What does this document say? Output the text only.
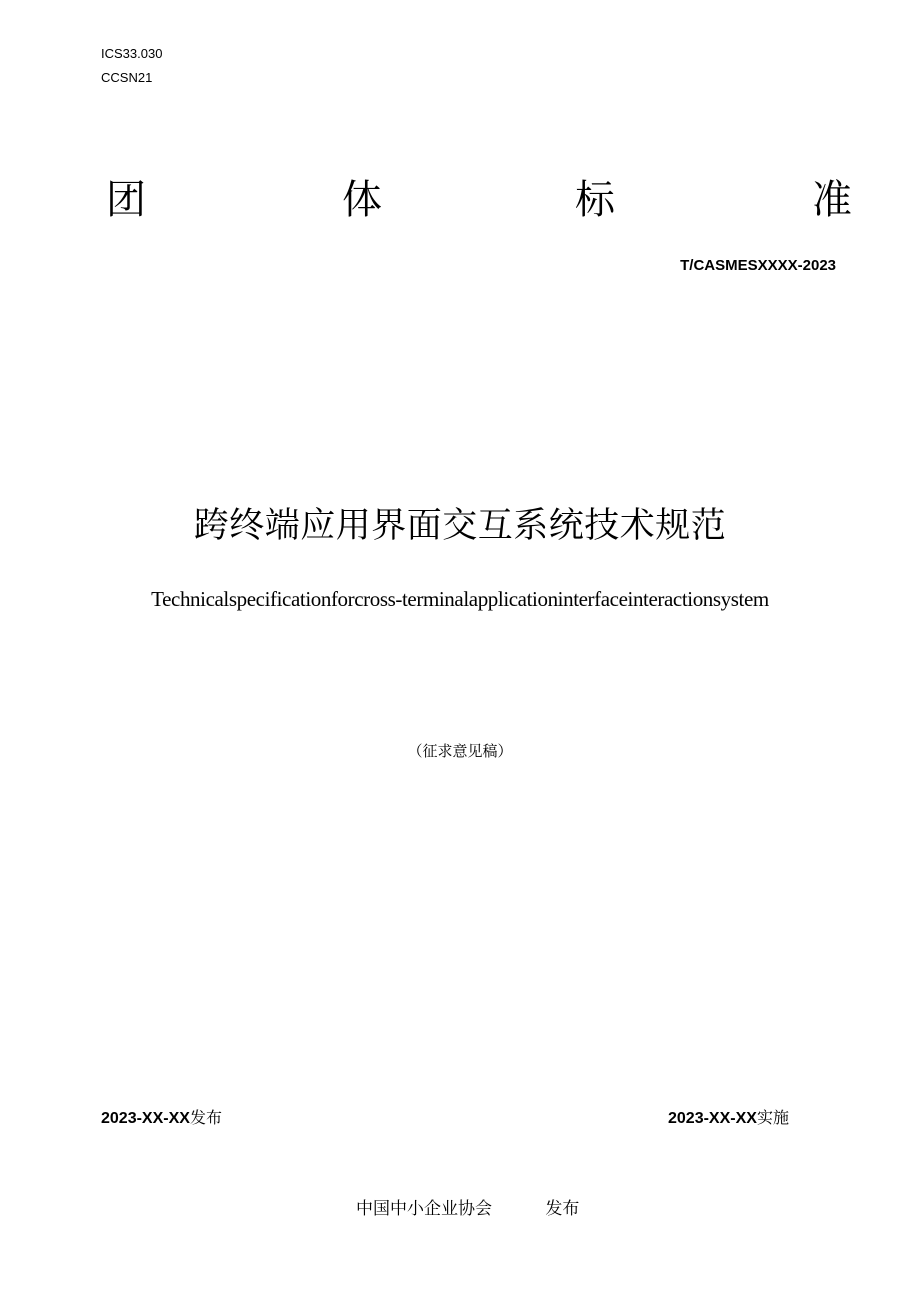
ICS33.030
CCSN21
团	体	标	准
T/CASMESXXXX-2023
跨终端应用界面交互系统技术规范
Technicalspecificationforcross-terminalapplicationinterfaceinteractionsystem
（征求意见稿）
2023-XX-XX发布	2023-XX-XX实施
中国中小企业协会	发布
